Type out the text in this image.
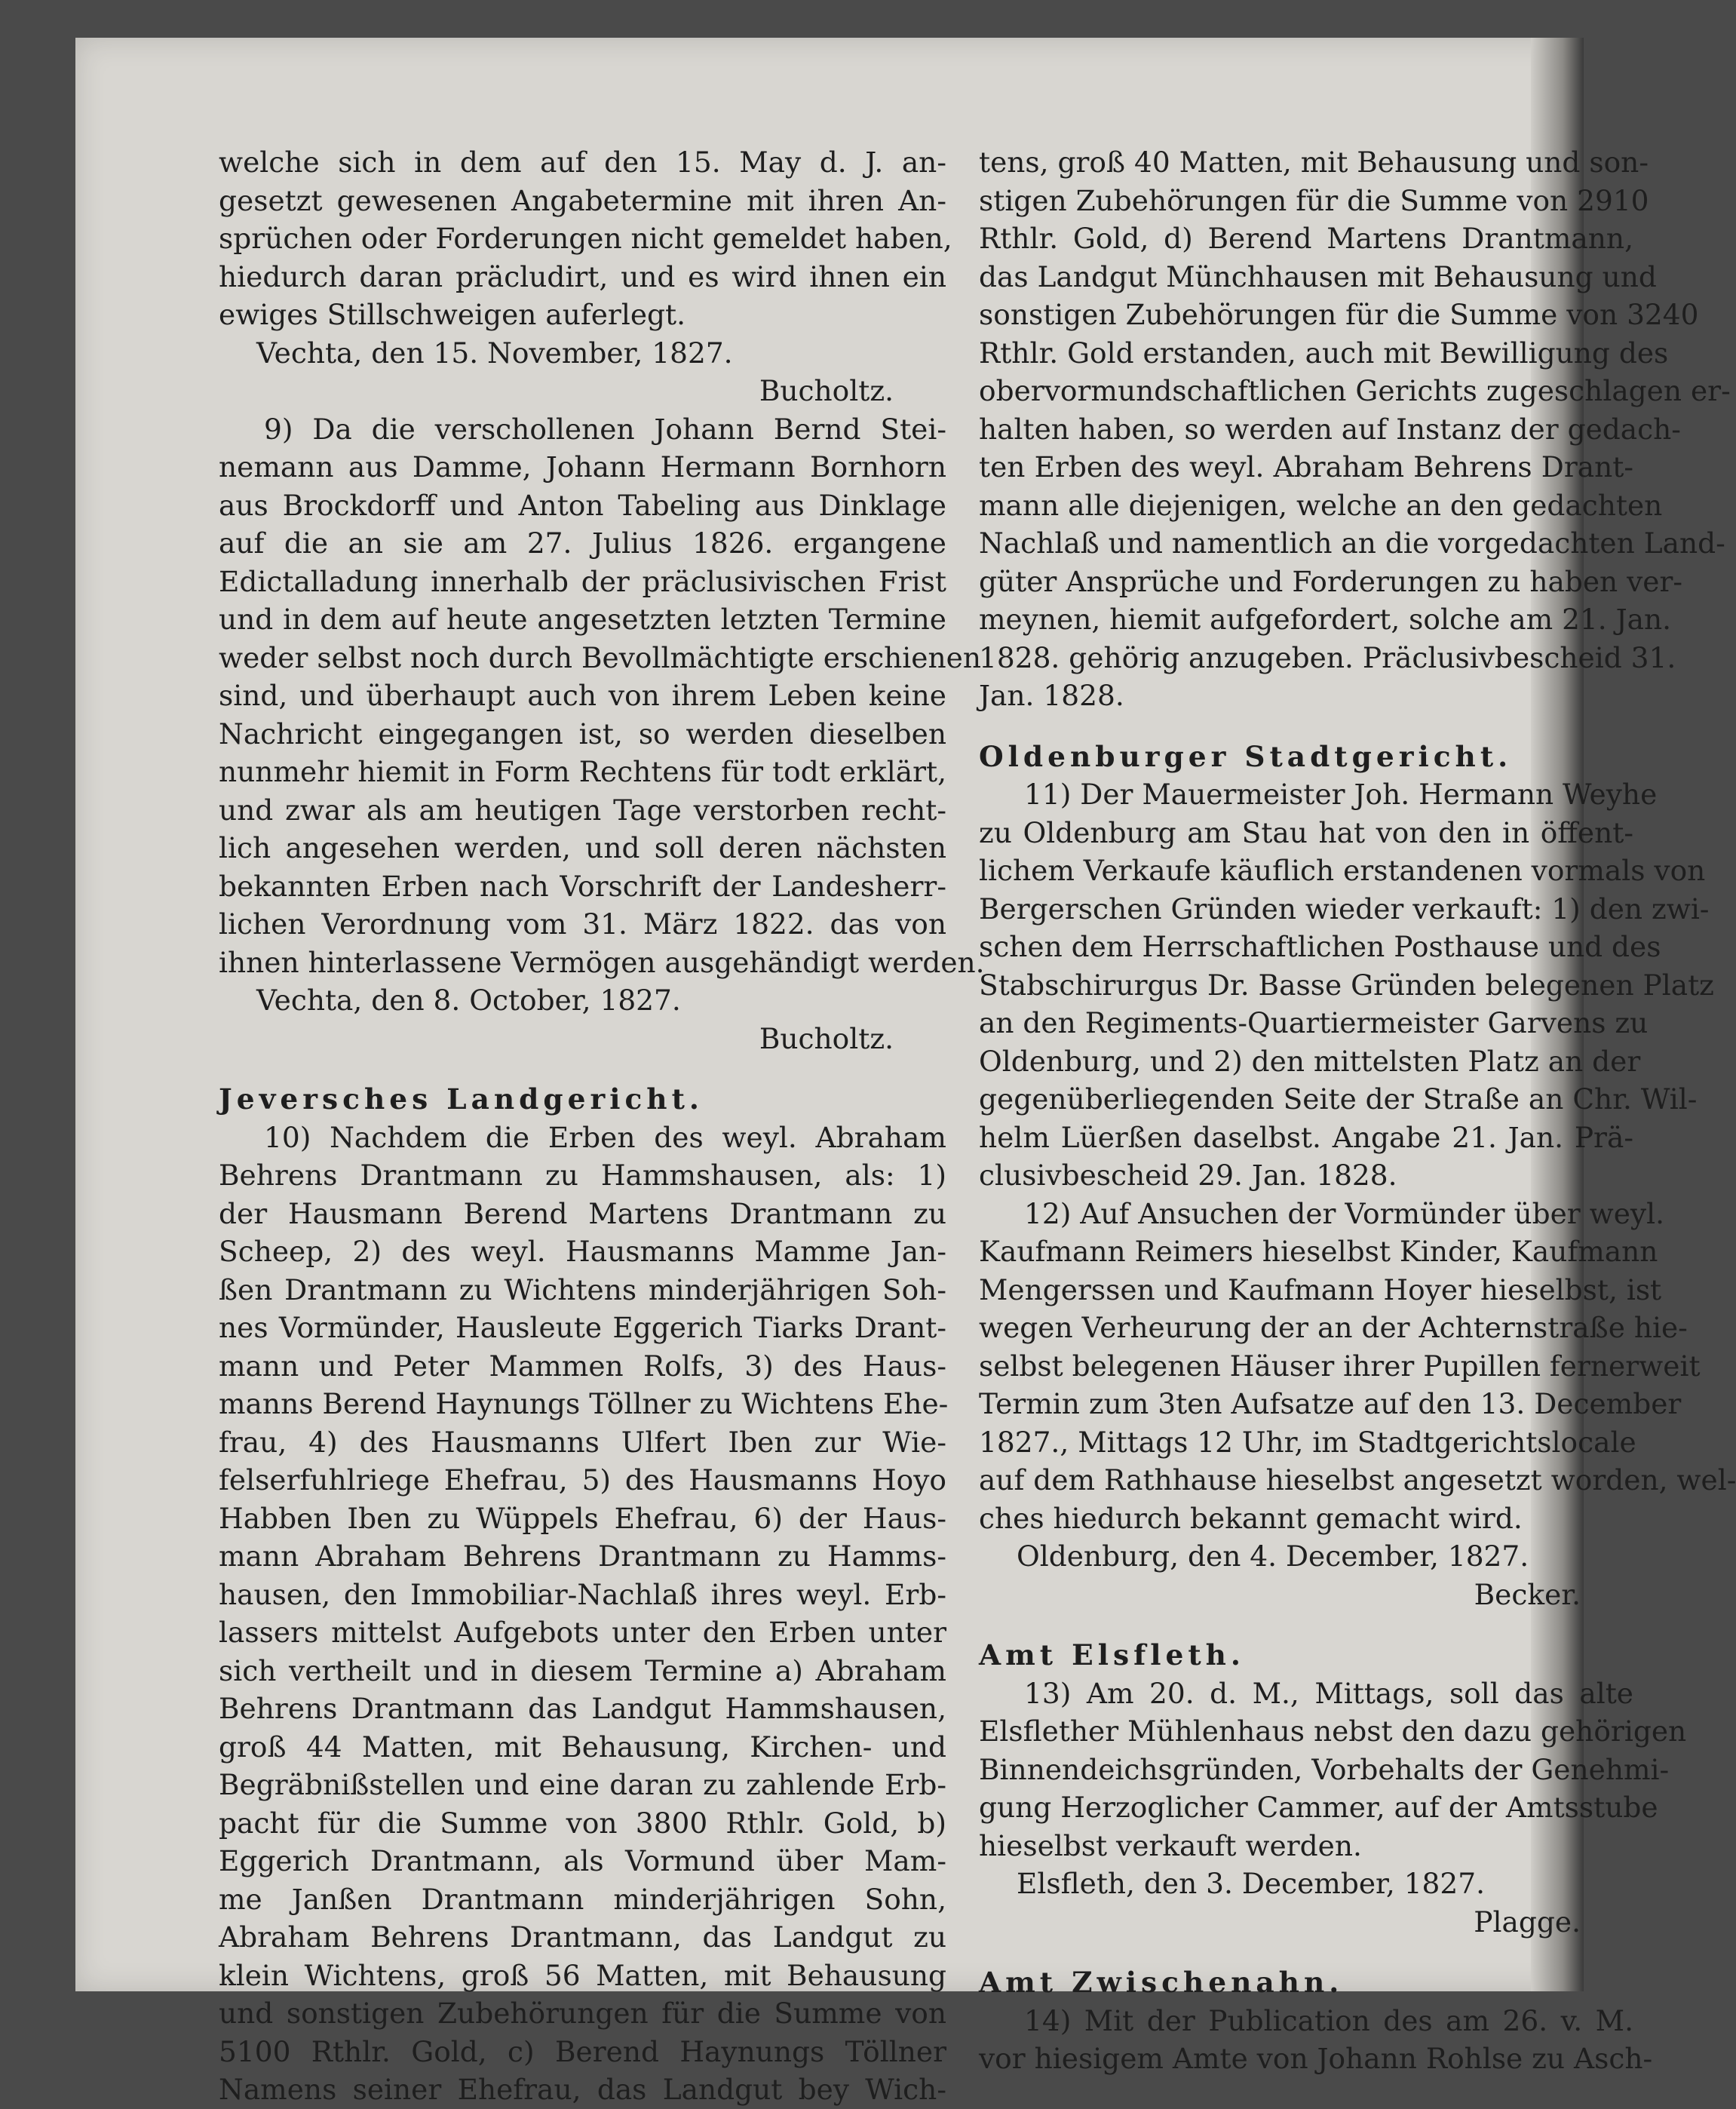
welche sich in dem auf den 15. May d. J. an-
gesetzt gewesenen Angabetermine mit ihren An-
sprüchen oder Forderungen nicht gemeldet haben,
hiedurch daran präcludirt, und es wird ihnen ein
ewiges Stillschweigen auferlegt.
Vechta, den 15. November, 1827.
Bucholtz.
9) Da die verschollenen Johann Bernd Stei-
nemann aus Damme, Johann Hermann Bornhorn
aus Brockdorff und Anton Tabeling aus Dinklage
auf die an sie am 27. Julius 1826. ergangene
Edictalladung innerhalb der präclusivischen Frist
und in dem auf heute angesetzten letzten Termine
weder selbst noch durch Bevollmächtigte erschienen
sind, und überhaupt auch von ihrem Leben keine
Nachricht eingegangen ist, so werden dieselben
nunmehr hiemit in Form Rechtens für todt erklärt,
und zwar als am heutigen Tage verstorben recht-
lich angesehen werden, und soll deren nächsten
bekannten Erben nach Vorschrift der Landesherr-
lichen Verordnung vom 31. März 1822. das von
ihnen hinterlassene Vermögen ausgehändigt werden.
Vechta, den 8. October, 1827.
Bucholtz.
Jeversches Landgericht.
10) Nachdem die Erben des weyl. Abraham
Behrens Drantmann zu Hammshausen, als: 1)
der Hausmann Berend Martens Drantmann zu
Scheep, 2) des weyl. Hausmanns Mamme Jan-
ßen Drantmann zu Wichtens minderjährigen Soh-
nes Vormünder, Hausleute Eggerich Tiarks Drant-
mann und Peter Mammen Rolfs, 3) des Haus-
manns Berend Haynungs Töllner zu Wichtens Ehe-
frau, 4) des Hausmanns Ulfert Iben zur Wie-
felserfuhlriege Ehefrau, 5) des Hausmanns Hoyo
Habben Iben zu Wüppels Ehefrau, 6) der Haus-
mann Abraham Behrens Drantmann zu Hamms-
hausen, den Immobiliar-Nachlaß ihres weyl. Erb-
lassers mittelst Aufgebots unter den Erben unter
sich vertheilt und in diesem Termine a) Abraham
Behrens Drantmann das Landgut Hammshausen,
groß 44 Matten, mit Behausung, Kirchen- und
Begräbnißstellen und eine daran zu zahlende Erb-
pacht für die Summe von 3800 Rthlr. Gold, b)
Eggerich Drantmann, als Vormund über Mam-
me Janßen Drantmann minderjährigen Sohn,
Abraham Behrens Drantmann, das Landgut zu
klein Wichtens, groß 56 Matten, mit Behausung
und sonstigen Zubehörungen für die Summe von
5100 Rthlr. Gold, c) Berend Haynungs Töllner
Namens seiner Ehefrau, das Landgut bey Wich-
tens, groß 40 Matten, mit Behausung und son-
stigen Zubehörungen für die Summe von 2910
Rthlr. Gold, d) Berend Martens Drantmann,
das Landgut Münchhausen mit Behausung und
sonstigen Zubehörungen für die Summe von 3240
Rthlr. Gold erstanden, auch mit Bewilligung des
obervormundschaftlichen Gerichts zugeschlagen er-
halten haben, so werden auf Instanz der gedach-
ten Erben des weyl. Abraham Behrens Drant-
mann alle diejenigen, welche an den gedachten
Nachlaß und namentlich an die vorgedachten Land-
güter Ansprüche und Forderungen zu haben ver-
meynen, hiemit aufgefordert, solche am 21. Jan.
1828. gehörig anzugeben. Präclusivbescheid 31.
Jan. 1828.
Oldenburger Stadtgericht.
11) Der Mauermeister Joh. Hermann Weyhe
zu Oldenburg am Stau hat von den in öffent-
lichem Verkaufe käuflich erstandenen vormals von
Bergerschen Gründen wieder verkauft: 1) den zwi-
schen dem Herrschaftlichen Posthause und des
Stabschirurgus Dr. Basse Gründen belegenen Platz
an den Regiments-Quartiermeister Garvens zu
Oldenburg, und 2) den mittelsten Platz an der
gegenüberliegenden Seite der Straße an Chr. Wil-
helm Lüerßen daselbst. Angabe 21. Jan. Prä-
clusivbescheid 29. Jan. 1828.
12) Auf Ansuchen der Vormünder über weyl.
Kaufmann Reimers hieselbst Kinder, Kaufmann
Mengerssen und Kaufmann Hoyer hieselbst, ist
wegen Verheurung der an der Achternstraße hie-
selbst belegenen Häuser ihrer Pupillen fernerweit
Termin zum 3ten Aufsatze auf den 13. December
1827., Mittags 12 Uhr, im Stadtgerichtslocale
auf dem Rathhause hieselbst angesetzt worden, wel-
ches hiedurch bekannt gemacht wird.
Oldenburg, den 4. December, 1827.
Becker.
Amt Elsfleth.
13) Am 20. d. M., Mittags, soll das alte
Elsflether Mühlenhaus nebst den dazu gehörigen
Binnendeichsgründen, Vorbehalts der Genehmi-
gung Herzoglicher Cammer, auf der Amtsstube
hieselbst verkauft werden.
Elsfleth, den 3. December, 1827.
Plagge.
Amt Zwischenahn.
14) Mit der Publication des am 26. v. M.
vor hiesigem Amte von Johann Rohlse zu Asch-
